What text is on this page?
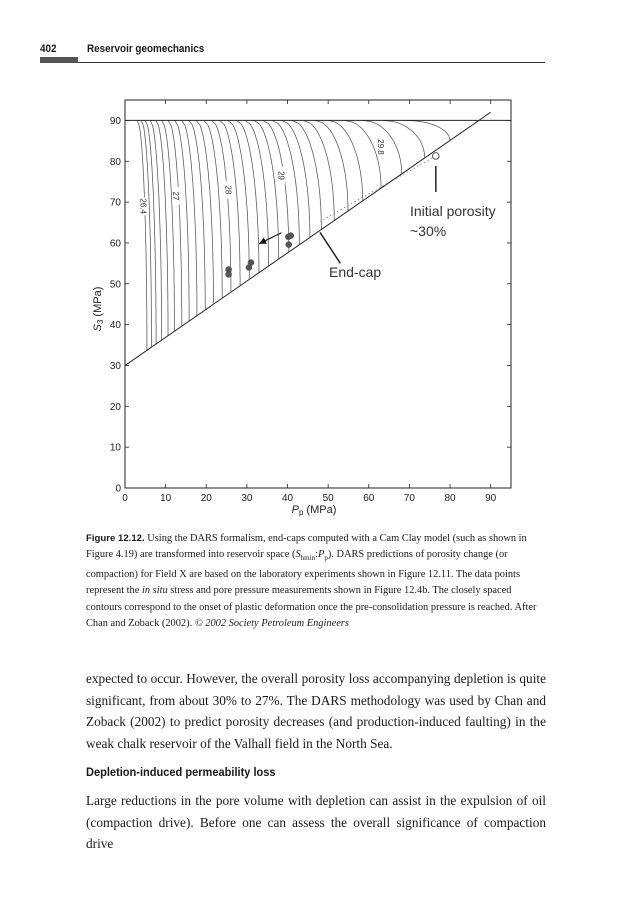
402	Reservoir geomechanics
0	10	20	30	40	50	60	70	80	90
0
10
20
30
40
50
60
70
80
90
26.4
27
28
29
29.8
Pp (MPa)
S3(MPa)
Initial porosity
~30%
End-cap

Figure 12.12. Using the DARS formalism, end-caps computed with a Cam Clay model (such as shown in Figure 4.19) are transformed into reservoir space $(S_{hmin}:P_p)$. DARS predictions of porosity change (or compaction) for Field X are based on the laboratory experiments shown in Figure 12.11. The data points represent the in situ stress and pore pressure measurements shown in Figure 12.4b. The closely spaced contours correspond to the onset of plastic deformation once the pre-consolidation pressure is reached. After Chan and Zoback (2002). © 2002 Society Petroleum Engineers

expected to occur. However, the overall porosity loss accompanying depletion is quite significant, from about 30% to 27%. The DARS methodology was used by Chan and Zoback (2002) to predict porosity decreases (and production-induced faulting) in the weak chalk reservoir of the Valhall field in the North Sea.

Depletion-induced permeability loss

Large reductions in the pore volume with depletion can assist in the expulsion of oil (compaction drive). Before one can assess the overall significance of compaction drive
